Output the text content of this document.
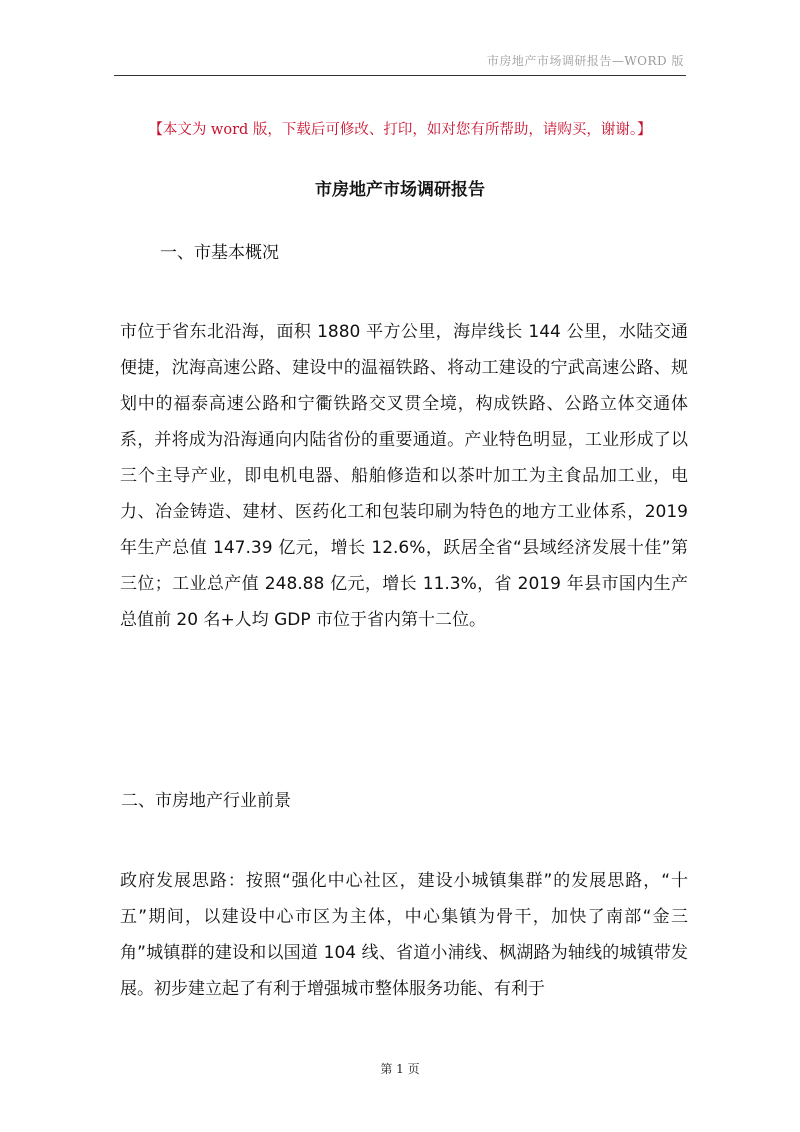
市房地产市场调研报告—WORD 版
【本文为 word 版，下载后可修改、打印，如对您有所帮助，请购买，谢谢。】
市房地产市场调研报告
一、市基本概况

市位于省东北沿海，面积 1880 平方公里，海岸线长 144 公里，水陆交通便捷，沈海高速公路、建设中的温福铁路、将动工建设的宁武高速公路、规划中的福泰高速公路和宁衢铁路交叉贯全境，构成铁路、公路立体交通体系，并将成为沿海通向内陆省份的重要通道。产业特色明显，工业形成了以三个主导产业，即电机电器、船舶修造和以茶叶加工为主食品加工业，电力、冶金铸造、建材、医药化工和包装印刷为特色的地方工业体系，2019 年生产总值 147.39 亿元，增长 12.6%，跃居全省“县域经济发展十佳”第三位；工业总产值 248.88 亿元，增长 11.3%，省 2019 年县市国内生产总值前 20 名+人均 GDP 市位于省内第十二位。

二、市房地产行业前景

政府发展思路：按照“强化中心社区，建设小城镇集群”的发展思路，“十五”期间，以建设中心市区为主体，中心集镇为骨干，加快了南部“金三角”城镇群的建设和以国道 104 线、省道小浦线、枫湖路为轴线的城镇带发展。初步建立起了有利于增强城市整体服务功能、有利于

第 1 页
